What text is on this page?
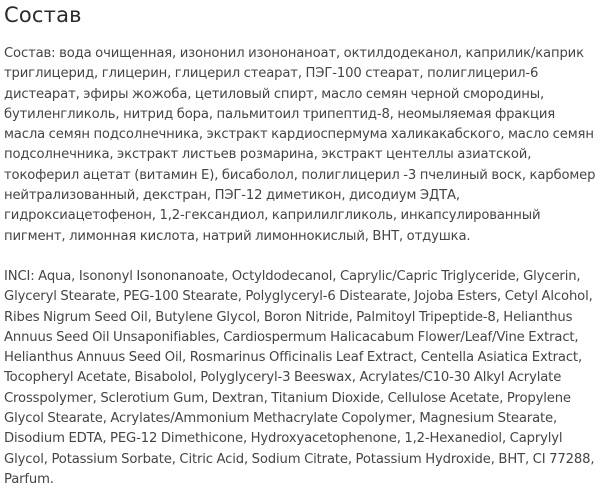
Состав

Состав: вода очищенная, изононил изононаноат, октилдодеканол, каприлик/каприк триглицерид, глицерин, глицерил стеарат, ПЭГ-100 стеарат, полиглицерил-6 дистеарат, эфиры жожоба, цетиловый спирт, масло семян черной смородины, бутиленгликоль, нитрид бора, пальмитоил трипептид-8, неомыляемая фракция масла семян подсолнечника, экстракт кардиоспермума халикакабского, масло семян подсолнечника, экстракт листьев розмарина, экстракт центеллы азиатской, токоферил ацетат (витамин Е), бисаболол, полиглицерил -3 пчелиный воск, карбомер нейтрализованный, декстран, ПЭГ-12 диметикон, дисодиум ЭДТА, гидроксиацетофенон, 1,2-гександиол, каприлилгликоль, инкапсулированный пигмент, лимонная кислота, натрий лимоннокислый, BHT, отдушка.

INCI: Aqua, Isononyl Isononanoate, Octyldodecanol, Caprylic/Capric Triglyceride, Glycerin, Glyceryl Stearate, PEG-100 Stearate, Polyglyceryl-6 Distearate, Jojoba Esters, Cetyl Alcohol, Ribes Nigrum Seed Oil, Butylene Glycol, Boron Nitride, Palmitoyl Tripeptide-8, Helianthus Annuus Seed Oil Unsaponifiables, Cardiospermum Halicacabum Flower/Leaf/Vine Extract, Helianthus Annuus Seed Oil, Rosmarinus Officinalis Leaf Extract, Centella Asiatica Extract, Tocopheryl Acetate, Bisabolol, Polyglyceryl-3 Beeswax, Acrylates/C10-30 Alkyl Acrylate Crosspolymer, Sclerotium Gum, Dextran, Titanium Dioxide, Cellulose Acetate, Propylene Glycol Stearate, Acrylates/Ammonium Methacrylate Copolymer, Magnesium Stearate, Disodium EDTA, PEG-12 Dimethicone, Hydroxyacetophenone, 1,2-Hexanediol, Caprylyl Glycol, Potassium Sorbate, Citric Acid, Sodium Citrate, Potassium Hydroxide, BHT, CI 77288, Parfum.
